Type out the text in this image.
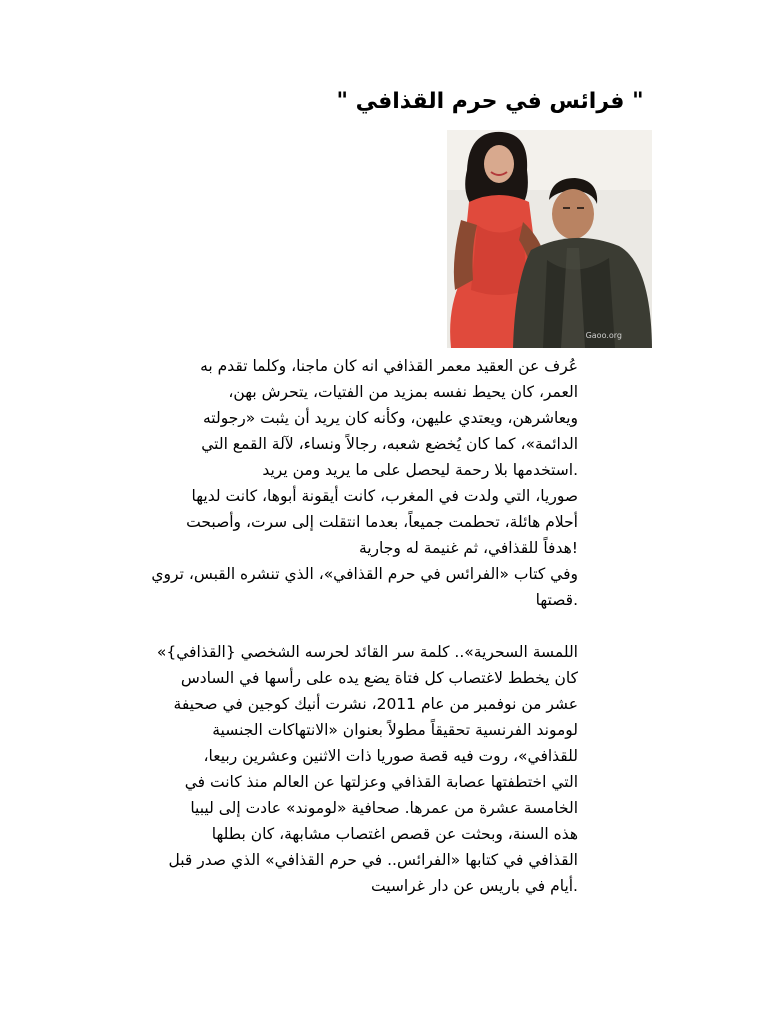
" فرائس في حرم القذافي "
Gaoo.org
عُرف عن العقيد معمر القذافي انه كان ماجنا، وكلما تقدم به
العمر، كان يحيط نفسه بمزيد من الفتيات، يتحرش بهن،
ويعاشرهن، ويعتدي عليهن، وكأنه كان يريد أن يثبت «رجولته
الدائمة»، كما كان يُخضع شعبه، رجالاً ونساء، لآلة القمع التي
.استخدمها بلا رحمة ليحصل على ما يريد ومن يريد
صوريا، التي ولدت في المغرب، كانت أيقونة أبوها، كانت لديها
أحلام هائلة، تحطمت جميعاً، بعدما انتقلت إلى سرت، وأصبحت
!هدفاً للقذافي، ثم غنيمة له وجارية
وفي كتاب «الفرائس في حرم القذافي»، الذي تنشره القبس، تروي
.قصتها
اللمسة السحرية».. كلمة سر القائد لحرسه الشخصي {القذافي}»
كان يخطط لاغتصاب كل فتاة يضع يده على رأسها في السادس
عشر من نوفمبر من عام 2011، نشرت أنيك كوجين في صحيفة
لوموند الفرنسية تحقيقاً مطولاً بعنوان «الانتهاكات الجنسية
للقذافي»، روت فيه قصة صوريا ذات الاثنين وعشرين ربيعا،
التي اختطفتها عصابة القذافي وعزلتها عن العالم منذ كانت في
الخامسة عشرة من عمرها. صحافية «لوموند» عادت إلى ليبيا
هذه السنة، وبحثت عن قصص اغتصاب مشابهة، كان بطلها
القذافي في كتابها «الفرائس.. في حرم القذافي» الذي صدر قبل
.أيام في باريس عن دار غراسيت
